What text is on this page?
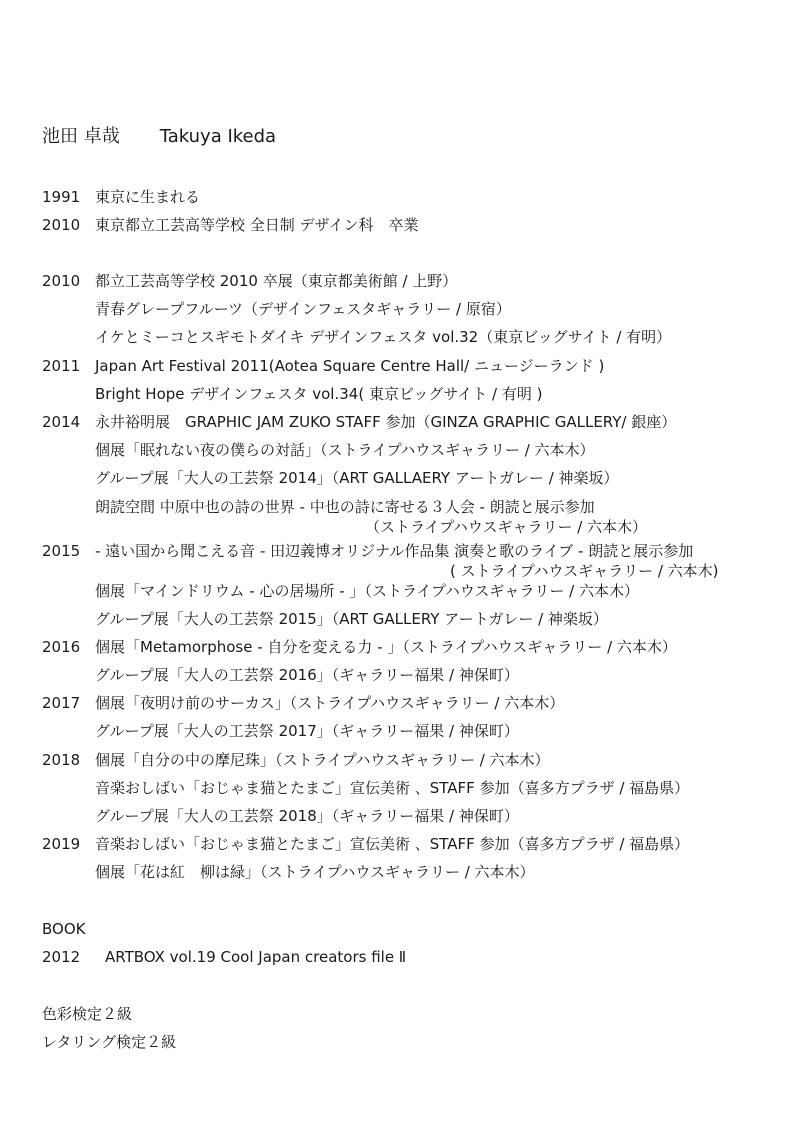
池田 卓哉 Takuya Ikeda
1991 東京に生まれる
2010 東京都立工芸高等学校 全日制 デザイン科　卒業
2010 都立工芸高等学校 2010 卒展（東京都美術館 / 上野）
青春グレープフルーツ（デザインフェスタギャラリー / 原宿）
イケとミーコとスギモトダイキ デザインフェスタ vol.32（東京ビッグサイト / 有明）
2011 Japan Art Festival 2011(Aotea Square Centre Hall/ ニュージーランド )
Bright Hope デザインフェスタ vol.34( 東京ビッグサイト / 有明 )
2014 永井裕明展　GRAPHIC JAM ZUKO STAFF 参加（GINZA GRAPHIC GALLERY/ 銀座）
個展「眠れない夜の僕らの対話」（ストライプハウスギャラリー / 六本木）
グループ展「大人の工芸祭 2014」（ART GALLAERY アートガレー / 神楽坂）
朗読空間 中原中也の詩の世界 - 中也の詩に寄せる３人会 - 朗読と展示参加
（ストライプハウスギャラリー / 六本木）
2015 - 遠い国から聞こえる音 - 田辺義博オリジナル作品集 演奏と歌のライブ - 朗読と展示参加
( ストライプハウスギャラリー / 六本木)
個展「マインドリウム - 心の居場所 - 」（ストライプハウスギャラリー / 六本木）
グループ展「大人の工芸祭 2015」（ART GALLERY アートガレー / 神楽坂）
2016 個展「Metamorphose - 自分を変える力 - 」（ストライプハウスギャラリー / 六本木）
グループ展「大人の工芸祭 2016」（ギャラリー福果 / 神保町）
2017 個展「夜明け前のサーカス」（ストライプハウスギャラリー / 六本木）
グループ展「大人の工芸祭 2017」（ギャラリー福果 / 神保町）
2018 個展「自分の中の摩尼珠」（ストライプハウスギャラリー / 六本木）
音楽おしばい「おじゃま猫とたまご」宣伝美術 、STAFF 参加（喜多方プラザ / 福島県）
グループ展「大人の工芸祭 2018」（ギャラリー福果 / 神保町）
2019 音楽おしばい「おじゃま猫とたまご」宣伝美術 、STAFF 参加（喜多方プラザ / 福島県）
個展「花は紅　柳は緑」（ストライプハウスギャラリー / 六本木）
BOOK
2012 ARTBOX vol.19 Cool Japan creators file Ⅱ
色彩検定２級
レタリング検定２級
